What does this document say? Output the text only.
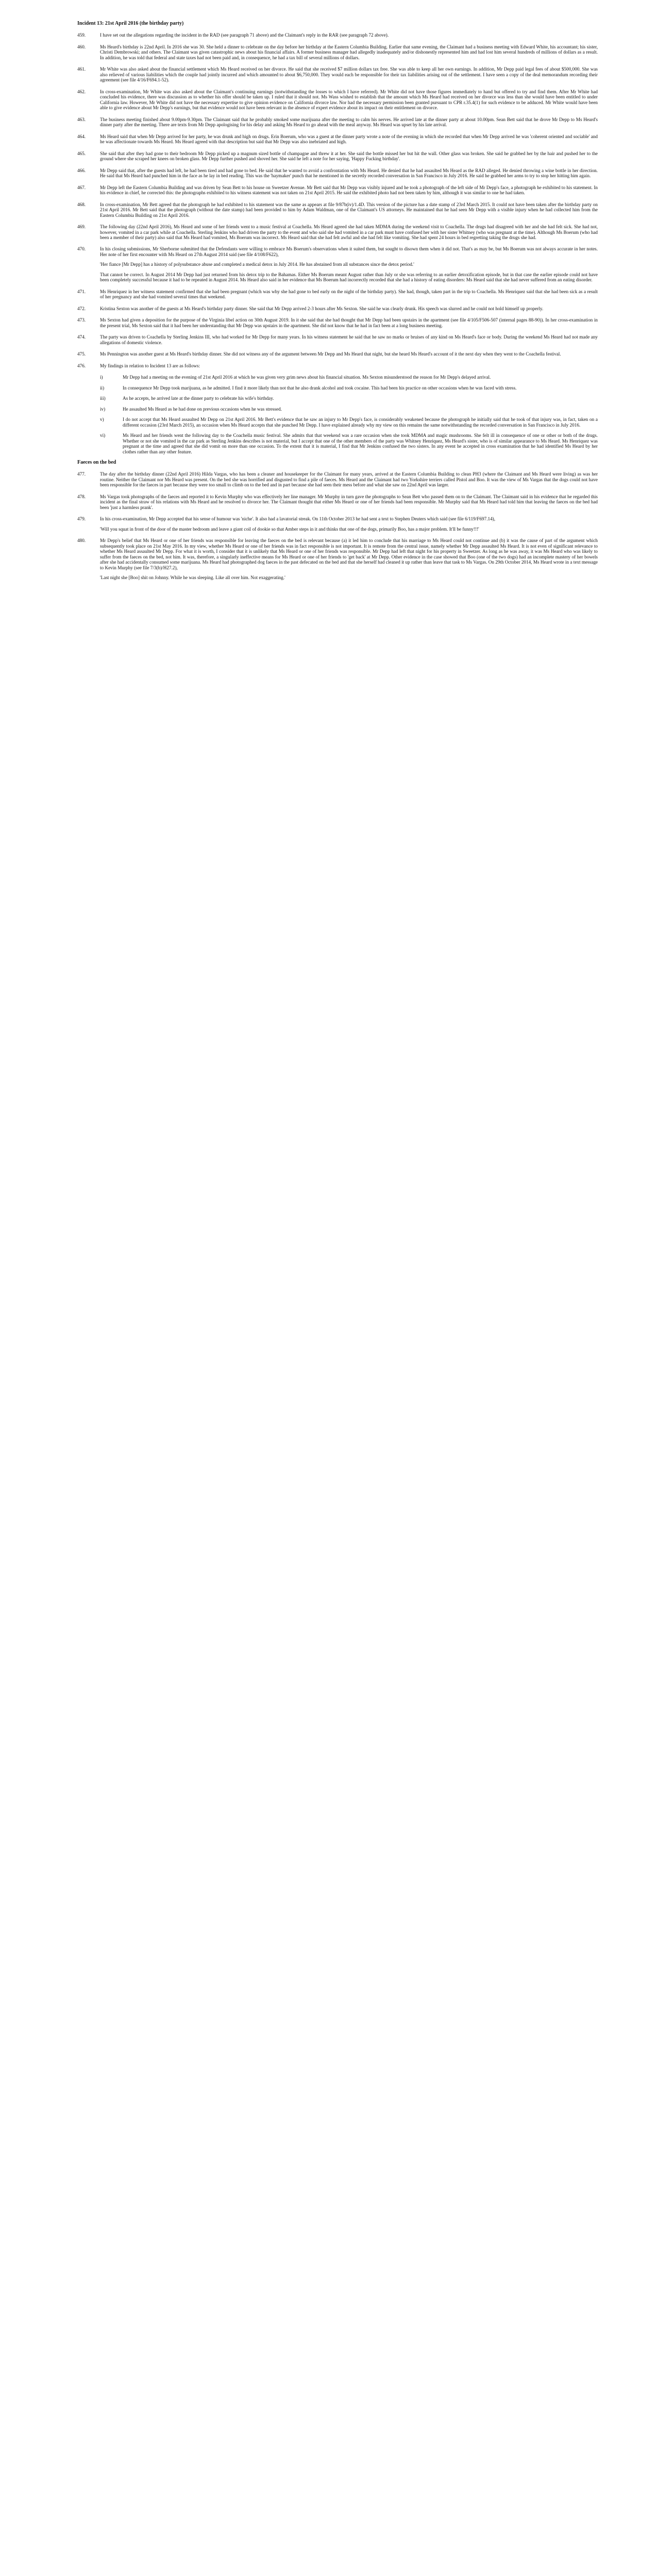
Incident 13: 21st April 2016 (the birthday party)
459.	I have set out the allegations regarding the incident in the RAD (see paragraph 71 above) and the Claimant's reply in the RAR (see paragraph 72 above).

460.	Ms Heard's birthday is 22nd April. In 2016 she was 30. She held a dinner to celebrate on the day before her birthday at the Eastern Columbia Building. Earlier that same evening, the Claimant had a business meeting with Edward White, his accountant; his sister, Christi Dembrowski; and others. The Claimant was given catastrophic news about his financial affairs. A former business manager had allegedly inadequately and/or dishonestly represented him and had lost him several hundreds of millions of dollars as a result. In addition, he was told that federal and state taxes had not been paid and, in consequence, he had a tax bill of several millions of dollars.

461.	Mr White was also asked about the financial settlement which Ms Heard received on her divorce. He said that she received $7 million dollars tax free. She was able to keep all her own earnings. In addition, Mr Depp paid legal fees of about $500,000. She was also relieved of various liabilities which the couple had jointly incurred and which amounted to about $6,750,000. They would each be responsible for their tax liabilities arising out of the settlement. I have seen a copy of the deal memorandum recording their agreement (see file 4/16/F694.1-52).

462.	In cross-examination, Mr White was also asked about the Claimant's continuing earnings (notwithstanding the losses to which I have referred). Mr White did not have those figures immediately to hand but offered to try and find them. After Mr White had concluded his evidence, there was discussion as to whether his offer should be taken up. I ruled that it should not. Ms Wass wished to establish that the amount which Ms Heard had received on her divorce was less than she would have been entitled to under California law. However, Mr White did not have the necessary expertise to give opinion evidence on California divorce law. Nor had the necessary permission been granted pursuant to CPR r.35.4(1) for such evidence to be adduced. Mr White would have been able to give evidence about Mr Depp's earnings, but that evidence would not have been relevant in the absence of expert evidence about its impact on their entitlement on divorce.

463.	The business meeting finished about 9.00pm-9.30pm. The Claimant said that he probably smoked some marijuana after the meeting to calm his nerves. He arrived late at the dinner party at about 10.00pm. Sean Bett said that he drove Mr Depp to Ms Heard's dinner party after the meeting. There are texts from Mr Depp apologising for his delay and asking Ms Heard to go ahead with the meal anyway. Ms Heard was upset by his late arrival.

464.	Ms Heard said that when Mr Depp arrived for her party, he was drunk and high on drugs. Erin Boerum, who was a guest at the dinner party wrote a note of the evening in which she recorded that when Mr Depp arrived he was 'coherent oriented and sociable' and he was affectionate towards Ms Heard. Ms Heard agreed with that description but said that Mr Depp was also inebriated and high.

465.	She said that after they had gone to their bedroom Mr Depp picked up a magnum sized bottle of champagne and threw it at her. She said the bottle missed her but hit the wall. Other glass was broken. She said he grabbed her by the hair and pushed her to the ground where she scraped her knees on broken glass. Mr Depp further pushed and shoved her. She said he left a note for her saying, 'Happy Fucking birthday'.

466.	Mr Depp said that, after the guests had left, he had been tired and had gone to bed. He said that he wanted to avoid a confrontation with Ms Heard. He denied that he had assaulted Ms Heard as the RAD alleged. He denied throwing a wine bottle in her direction. He said that Ms Heard had punched him in the face as he lay in bed reading. This was the 'haymaker' punch that he mentioned in the secretly recorded conversation in San Francisco in July 2016. He said he grabbed her arms to try to stop her hitting him again.

467.	Mr Depp left the Eastern Columbia Building and was driven by Sean Bett to his house on Sweetzer Avenue. Mr Bett said that Mr Depp was visibly injured and he took a photograph of the left side of Mr Depp's face, a photograph he exhibited to his statement. In his evidence in chief, he corrected this: the photographs exhibited to his witness statement was not taken on 21st April 2015. He said the exhibited photo had not been taken by him, although it was similar to one he had taken.

468.	In cross-examination, Mr Bett agreed that the photograph he had exhibited to his statement was the same as appears at file 9/87b(iv)/1.4D. This version of the picture has a date stamp of 23rd March 2015. It could not have been taken after the birthday party on 21st April 2016. Mr Bett said that the photograph (without the date stamp) had been provided to him by Adam Waldman, one of the Claimant's US attorneys. He maintained that he had seen Mr Depp with a visible injury when he had collected him from the Eastern Columbia Building on 21st April 2016.

469.	The following day (22nd April 2016), Ms Heard and some of her friends went to a music festival at Coachella. Ms Heard agreed she had taken MDMA during the weekend visit to Coachella. The drugs had disagreed with her and she had felt sick. She had not, however, vomited in a car park while at Coachella. Sterling Jenkins who had driven the party to the event and who said she had vomited in a car park must have confused her with her sister Whitney (who was pregnant at the time). Although Ms Boerum (who had been a member of their party) also said that Ms Heard had vomited, Ms Boerum was incorrect. Ms Heard said that she had felt awful and she had felt like vomiting. She had spent 24 hours in bed regretting taking the drugs she had.

470.	In his closing submissions, Mr Sherborne submitted that the Defendants were willing to embrace Ms Boerum's observations when it suited them, but sought to disown them when it did not. That's as may be, but Ms Boerum was not always accurate in her notes. Her note of her first encounter with Ms Heard on 27th August 2014 said (see file 4/108/F622),

'Her fiance [Mr Depp] has a history of polysubstance abuse and completed a medical detox in July 2014. He has abstained from all substances since the detox period.'

That cannot be correct. In August 2014 Mr Depp had just returned from his detox trip to the Bahamas. Either Ms Boerum meant August rather than July or she was referring to an earlier detoxification episode, but in that case the earlier episode could not have been completely successful because it had to be repeated in August 2014. Ms Heard also said in her evidence that Ms Boerum had incorrectly recorded that she had a history of eating disorders: Ms Heard said that she had never suffered from an eating disorder.

471.	Ms Henriquez in her witness statement confirmed that she had been pregnant (which was why she had gone to bed early on the night of the birthday party). She had, though, taken part in the trip to Coachella. Ms Henriquez said that she had been sick as a result of her pregnancy and she had vomited several times that weekend.

472.	Kristina Sexton was another of the guests at Ms Heard's birthday party dinner. She said that Mr Depp arrived 2-3 hours after Ms Sexton. She said he was clearly drunk. His speech was slurred and he could not hold himself up properly.

473.	Ms Sexton had given a deposition for the purpose of the Virginia libel action on 30th August 2019. In it she said that she had thought that Mr Depp had been upstairs in the apartment (see file 4/105/F506-507 (internal pages 88-90)). In her cross-examination in the present trial, Ms Sexton said that it had been her understanding that Mr Depp was upstairs in the apartment. She did not know that he had in fact been at a long business meeting.

474.	The party was driven to Coachella by Sterling Jenkins III, who had worked for Mr Depp for many years. In his witness statement he said that he saw no marks or bruises of any kind on Ms Heard's face or body. During the weekend Ms Heard had not made any allegations of domestic violence.

475.	Ms Pennington was another guest at Ms Heard's birthday dinner. She did not witness any of the argument between Mr Depp and Ms Heard that night, but she heard Ms Heard's account of it the next day when they went to the Coachella festival.

476.	My findings in relation to Incident 13 are as follows:

i)	Mr Depp had a meeting on the evening of 21st April 2016 at which he was given very grim news about his financial situation. Ms Sexton misunderstood the reason for Mr Depp's delayed arrival.
ii)	In consequence Mr Depp took marijuana, as he admitted. I find it more likely than not that he also drank alcohol and took cocaine. This had been his practice on other occasions when he was faced with stress.
iii)	As he accepts, he arrived late at the dinner party to celebrate his wife's birthday.
iv)	He assaulted Ms Heard as he had done on previous occasions when he was stressed.
v)	I do not accept that Ms Heard assaulted Mr Depp on 21st April 2016. Mr Bett's evidence that he saw an injury to Mr Depp's face, is considerably weakened because the photograph he initially said that he took of that injury was, in fact, taken on a different occasion (23rd March 2015), an occasion when Ms Heard accepts that she punched Mr Depp. I have explained already why my view on this remains the same notwithstanding the recorded conversation in San Francisco in July 2016.
vi)	Ms Heard and her friends went the following day to the Coachella music festival. She admits that that weekend was a rare occasion when she took MDMA and magic mushrooms. She felt ill in consequence of one or other or both of the drugs. Whether or not she vomited in the car park as Sterling Jenkins describes is not material, but I accept that one of the other members of the party was Whitney Henriquez, Ms Heard's sister, who is of similar appearance to Ms Heard. Ms Henriquez was pregnant at the time and agreed that she did vomit on more than one occasion. To the extent that it is material, I find that Mr Jenkins confused the two sisters. In any event he accepted in cross examination that he had identified Ms Heard by her clothes rather than any other feature.
Faeces on the bed
477.	The day after the birthday dinner (22nd April 2016) Hilda Vargas, who has been a cleaner and housekeeper for the Claimant for many years, arrived at the Eastern Columbia Building to clean PH3 (where the Claimant and Ms Heard were living) as was her routine. Neither the Claimant nor Ms Heard was present. On the bed she was horrified and disgusted to find a pile of faeces. Ms Heard and the Claimant had two Yorkshire terriers called Pistol and Boo. It was the view of Ms Vargas that the dogs could not have been responsible for the faeces in part because they were too small to climb on to the bed and in part because she had seen their mess before and what she saw on 22nd April was larger.

478.	Ms Vargas took photographs of the faeces and reported it to Kevin Murphy who was effectively her line manager. Mr Murphy in turn gave the photographs to Sean Bett who passed them on to the Claimant. The Claimant said in his evidence that he regarded this incident as the final straw of his relations with Ms Heard and he resolved to divorce her. The Claimant thought that either Ms Heard or one of her friends had been responsible. Mr Murphy said that Ms Heard had told him that leaving the faeces on the bed had been 'just a harmless prank'.

479.	In his cross-examination, Mr Depp accepted that his sense of humour was 'niche'. It also had a lavatorial streak. On 11th October 2013 he had sent a text to Stephen Deuters which said (see file 6/119/F697.14),

'Will you squat in front of the door of the master bedroom and leave a giant coil of dookie so that Amber steps in it and thinks that one of the dogs, primarily Boo, has a major problem. It'll be funny!!!'

480.	Mr Depp's belief that Ms Heard or one of her friends was responsible for leaving the faeces on the bed is relevant because (a) it led him to conclude that his marriage to Ms Heard could not continue and (b) it was the cause of part of the argument which subsequently took place on 21st May 2016. In my view, whether Ms Heard or one of her friends was in fact responsible is not important. It is remote from the central issue, namely whether Mr Depp assaulted Ms Heard. It is not even of significant relevance to whether Ms Heard assaulted Mr Depp. For what it is worth, I consider that it is unlikely that Ms Heard or one of her friends was responsible. Mr Depp had left that night for his property in Sweetzer. As long as he was away, it was Ms Heard who was likely to suffer from the faeces on the bed, not him. It was, therefore, a singularly ineffective means for Ms Heard or one of her friends to 'get back' at Mr Depp. Other evidence in the case showed that Boo (one of the two dogs) had an incomplete mastery of her bowels after she had accidentally consumed some marijuana. Ms Heard had photographed dog faeces in the past defecated on the bed and that she herself had cleaned it up rather than leave that task to Ms Vargas. On 29th October 2014, Ms Heard wrote in a text message to Kevin Murphy (see file 7/3(b)/H27.2),

'Last night she [Boo] shit on Johnny. While he was sleeping. Like all over him. Not exaggerating.'
